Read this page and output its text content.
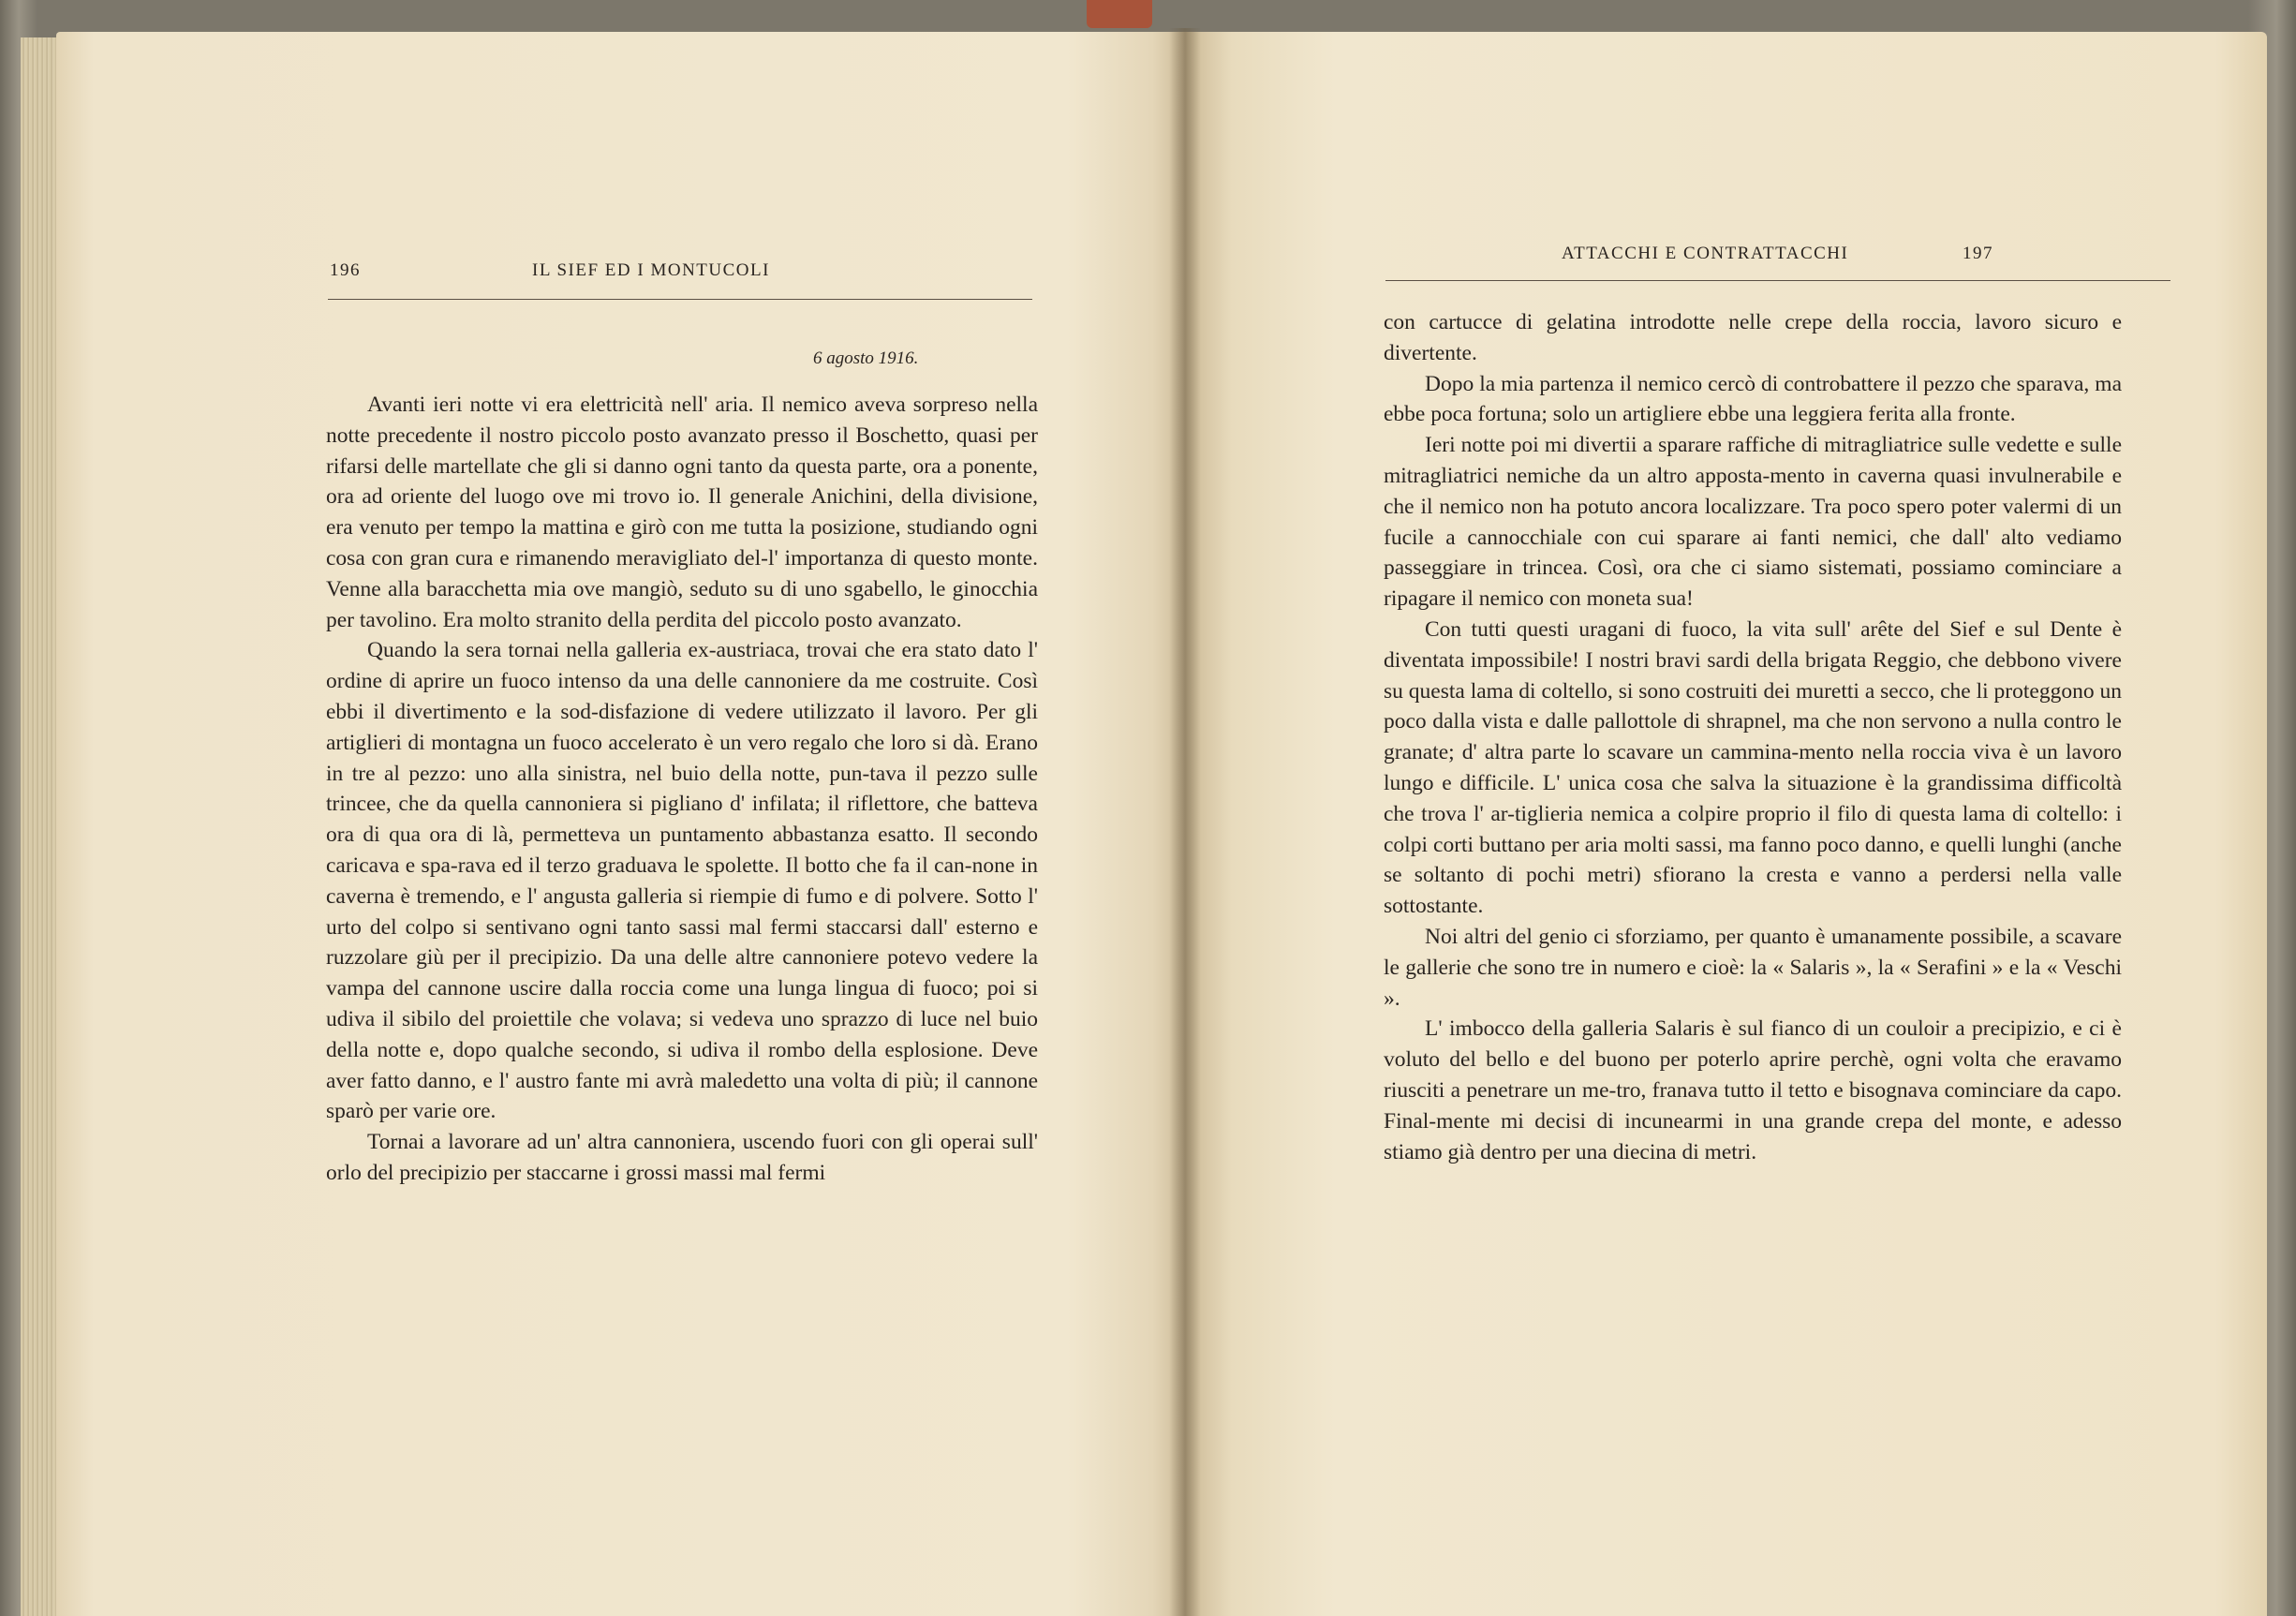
196	IL SIEF ED I MONTUCOLI
6 agosto 1916.

Avanti ieri notte vi era elettricità nell' aria. Il nemico aveva sorpreso nella notte precedente il nostro piccolo posto avanzato presso il Boschetto, quasi per rifarsi delle martellate che gli si danno ogni tanto da questa parte, ora a ponente, ora ad oriente del luogo ove mi trovo io. Il generale Anichini, della divisione, era venuto per tempo la mattina e girò con me tutta la posizione, studiando ogni cosa con gran cura e rimanendo meravigliato del-l' importanza di questo monte. Venne alla baracchetta mia ove mangiò, seduto su di uno sgabello, le ginocchia per tavolino. Era molto stranito della perdita del piccolo posto avanzato.

Quando la sera tornai nella galleria ex-austriaca, trovai che era stato dato l' ordine di aprire un fuoco intenso da una delle cannoniere da me costruite. Così ebbi il divertimento e la sod-disfazione di vedere utilizzato il lavoro. Per gli artiglieri di montagna un fuoco accelerato è un vero regalo che loro si dà. Erano in tre al pezzo: uno alla sinistra, nel buio della notte, pun-tava il pezzo sulle trincee, che da quella cannoniera si pigliano d' infilata; il riflettore, che batteva ora di qua ora di là, permetteva un puntamento abbastanza esatto. Il secondo caricava e spa-rava ed il terzo graduava le spolette. Il botto che fa il can-none in caverna è tremendo, e l' angusta galleria si riempie di fumo e di polvere. Sotto l' urto del colpo si sentivano ogni tanto sassi mal fermi staccarsi dall' esterno e ruzzolare giù per il precipizio. Da una delle altre cannoniere potevo vedere la vampa del cannone uscire dalla roccia come una lunga lingua di fuoco; poi si udiva il sibilo del proiettile che volava; si vedeva uno sprazzo di luce nel buio della notte e, dopo qualche secondo, si udiva il rombo della esplosione. Deve aver fatto danno, e l' austro fante mi avrà maledetto una volta di più; il cannone sparò per varie ore.

Tornai a lavorare ad un' altra cannoniera, uscendo fuori con gli operai sull' orlo del precipizio per staccarne i grossi massi mal fermi

ATTACCHI E CONTRATTACCHI	197

con cartucce di gelatina introdotte nelle crepe della roccia, lavoro sicuro e divertente.

Dopo la mia partenza il nemico cercò di controbattere il pezzo che sparava, ma ebbe poca fortuna; solo un artigliere ebbe una leggiera ferita alla fronte.

Ieri notte poi mi divertii a sparare raffiche di mitragliatrice sulle vedette e sulle mitragliatrici nemiche da un altro apposta-mento in caverna quasi invulnerabile e che il nemico non ha potuto ancora localizzare. Tra poco spero poter valermi di un fucile a cannocchiale con cui sparare ai fanti nemici, che dall' alto vediamo passeggiare in trincea. Così, ora che ci siamo sistemati, possiamo cominciare a ripagare il nemico con moneta sua!

Con tutti questi uragani di fuoco, la vita sull' arête del Sief e sul Dente è diventata impossibile! I nostri bravi sardi della brigata Reggio, che debbono vivere su questa lama di coltello, si sono costruiti dei muretti a secco, che li proteggono un poco dalla vista e dalle pallottole di shrapnel, ma che non servono a nulla contro le granate; d' altra parte lo scavare un cammina-mento nella roccia viva è un lavoro lungo e difficile. L' unica cosa che salva la situazione è la grandissima difficoltà che trova l' ar-tiglieria nemica a colpire proprio il filo di questa lama di coltello: i colpi corti buttano per aria molti sassi, ma fanno poco danno, e quelli lunghi (anche se soltanto di pochi metri) sfiorano la cresta e vanno a perdersi nella valle sottostante.

Noi altri del genio ci sforziamo, per quanto è umanamente possibile, a scavare le gallerie che sono tre in numero e cioè: la « Salaris », la « Serafini » e la « Veschi ».

L' imbocco della galleria Salaris è sul fianco di un couloir a precipizio, e ci è voluto del bello e del buono per poterlo aprire perchè, ogni volta che eravamo riusciti a penetrare un me-tro, franava tutto il tetto e bisognava cominciare da capo. Final-mente mi decisi di incunearmi in una grande crepa del monte, e adesso stiamo già dentro per una diecina di metri.
